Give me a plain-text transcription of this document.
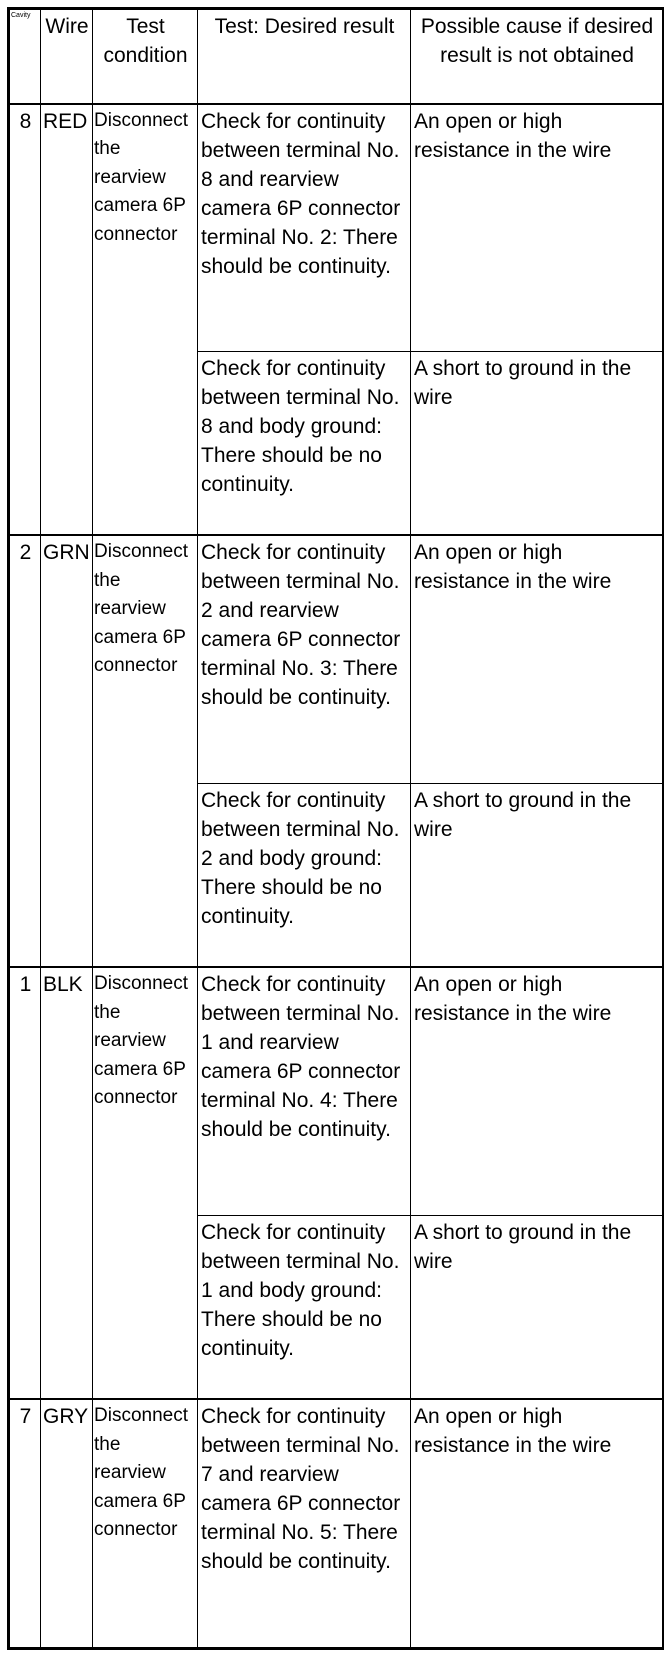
Cavity	Wire	Test condition	Test: Desired result	Possible cause if desired result is not obtained
8	RED	Disconnect the rearview camera 6P connector	Check for continuity between terminal No. 8 and rearview camera 6P connector terminal No. 2: There should be continuity.	An open or high resistance in the wire
			Check for continuity between terminal No. 8 and body ground: There should be no continuity.	A short to ground in the wire
2	GRN	Disconnect the rearview camera 6P connector	Check for continuity between terminal No. 2 and rearview camera 6P connector terminal No. 3: There should be continuity.	An open or high resistance in the wire
			Check for continuity between terminal No. 2 and body ground: There should be no continuity.	A short to ground in the wire
1	BLK	Disconnect the rearview camera 6P connector	Check for continuity between terminal No. 1 and rearview camera 6P connector terminal No. 4: There should be continuity.	An open or high resistance in the wire
			Check for continuity between terminal No. 1 and body ground: There should be no continuity.	A short to ground in the wire
7	GRY	Disconnect the rearview camera 6P connector	Check for continuity between terminal No. 7 and rearview camera 6P connector terminal No. 5: There should be continuity.	An open or high resistance in the wire
